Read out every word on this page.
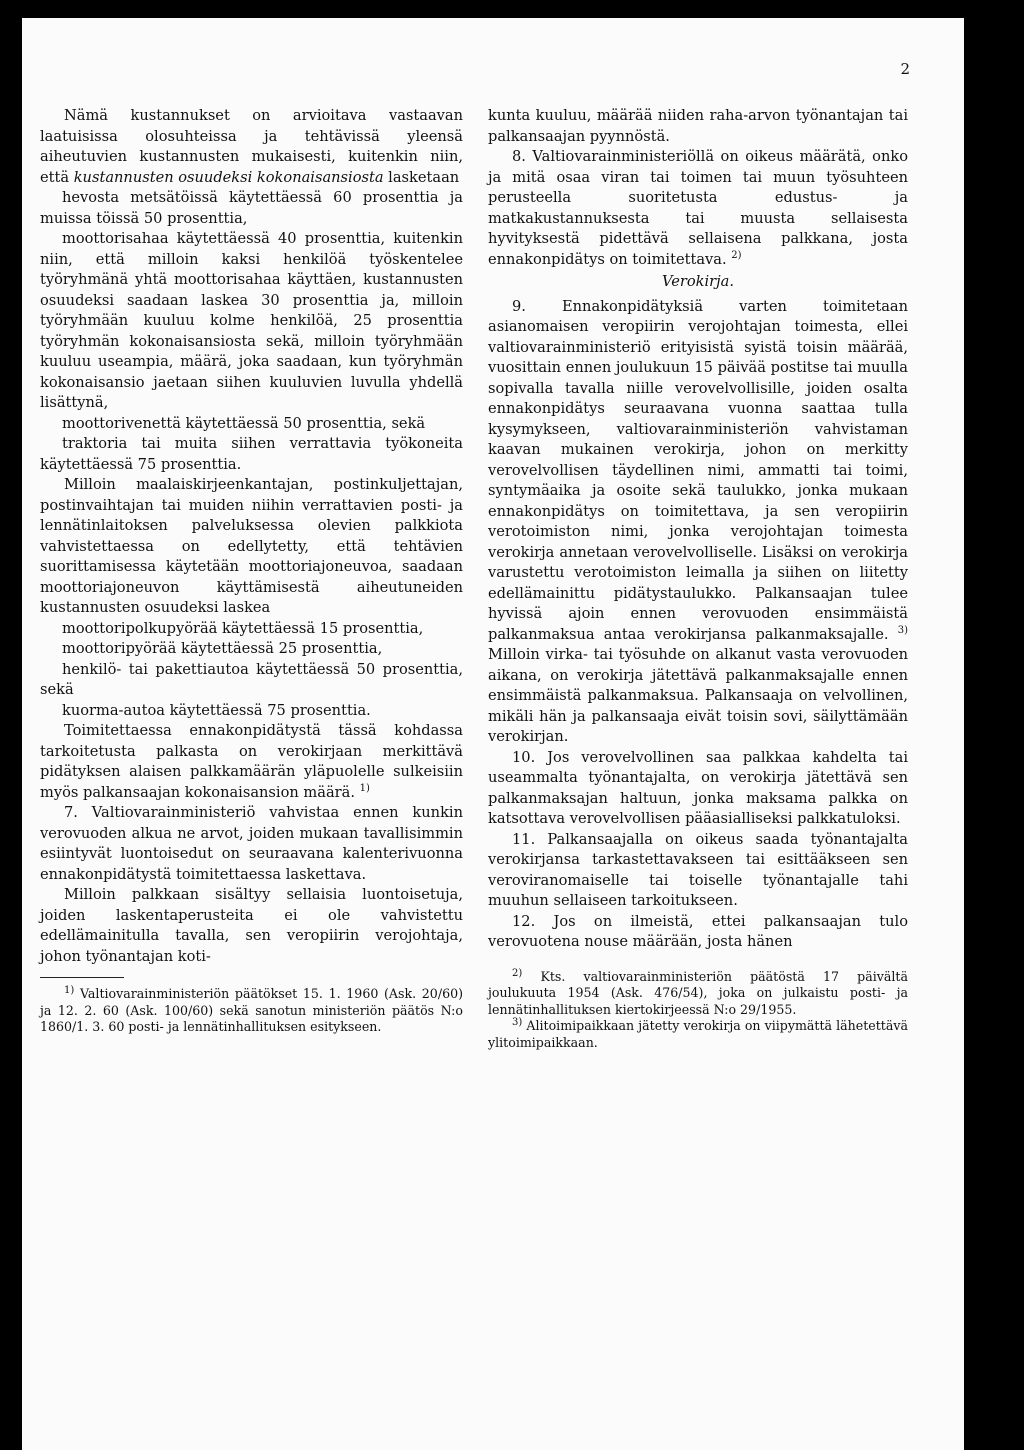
2

Nämä kustannukset on arvioitava vastaavan laatuisissa olosuhteissa ja tehtävissä yleensä aiheutuvien kustannusten mukaisesti, kuitenkin niin, että kustannusten osuudeksi kokonaisansiosta lasketaan

hevosta metsätöissä käytettäessä 60 prosenttia ja muissa töissä 50 prosenttia,

moottorisahaa käytettäessä 40 prosenttia, kuitenkin niin, että milloin kaksi henkilöä työskentelee työryhmänä yhtä moottorisahaa käyttäen, kustannusten osuudeksi saadaan laskea 30 prosenttia ja, milloin työryhmään kuuluu kolme henkilöä, 25 prosenttia työryhmän kokonaisansiosta sekä, milloin työryhmään kuuluu useampia, määrä, joka saadaan, kun työryhmän kokonaisansio jaetaan siihen kuuluvien luvulla yhdellä lisättynä,

moottorivenettä käytettäessä 50 prosenttia, sekä

traktoria tai muita siihen verrattavia työkoneita käytettäessä 75 prosenttia.

Milloin maalaiskirjeenkantajan, postinkuljettajan, postinvaihtajan tai muiden niihin verrattavien posti- ja lennätinlaitoksen palveluksessa olevien palkkiota vahvistettaessa on edellytetty, että tehtävien suorittamisessa käytetään moottoriajoneuvoa, saadaan moottoriajoneuvon käyttämisestä aiheutuneiden kustannusten osuudeksi laskea

moottoripolkupyörää käytettäessä 15 prosenttia,

moottoripyörää käytettäessä 25 prosenttia,

henkilö- tai pakettiautoa käytettäessä 50 prosenttia, sekä

kuorma-autoa käytettäessä 75 prosenttia.

Toimitettaessa ennakonpidätystä tässä kohdassa tarkoitetusta palkasta on verokirjaan merkittävä pidätyksen alaisen palkkamäärän yläpuolelle sulkeisiin myös palkansaajan kokonaisansion määrä. $^{1)}$

7. Valtiovarainministeriö vahvistaa ennen kunkin verovuoden alkua ne arvot, joiden mukaan tavallisimmin esiintyvät luontoisedut on seuraavana kalenterivuonna ennakonpidätystä toimitettaessa laskettava.

Milloin palkkaan sisältyy sellaisia luontoisetuja, joiden laskentaperusteita ei ole vahvistettu edellämainitulla tavalla, sen veropiirin verojohtaja, johon työnantajan koti-

$^{1)}$ Valtiovarainministeriön päätökset 15. 1. 1960 (Ask. 20/60) ja 12. 2. 60 (Ask. 100/60) sekä sanotun ministeriön päätös N:o 1860/1. 3. 60 posti- ja lennätinhallituksen esitykseen.

kunta kuuluu, määrää niiden raha-arvon työnantajan tai palkansaajan pyynnöstä.

8. Valtiovarainministeriöllä on oikeus määrätä, onko ja mitä osaa viran tai toimen tai muun työsuhteen perusteella suoritetusta edustus- ja matkakustannuksesta tai muusta sellaisesta hyvityksestä pidettävä sellaisena palkkana, josta ennakonpidätys on toimitettava. $^{2)}$

Verokirja.

9. Ennakonpidätyksiä varten toimitetaan asianomaisen veropiirin verojohtajan toimesta, ellei valtiovarainministeriö erityisistä syistä toisin määrää, vuosittain ennen joulukuun 15 päivää postitse tai muulla sopivalla tavalla niille verovelvollisille, joiden osalta ennakonpidätys seuraavana vuonna saattaa tulla kysymykseen, valtiovarainministeriön vahvistaman kaavan mukainen verokirja, johon on merkitty verovelvollisen täydellinen nimi, ammatti tai toimi, syntymäaika ja osoite sekä taulukko, jonka mukaan ennakonpidätys on toimitettava, ja sen veropiirin verotoimiston nimi, jonka verojohtajan toimesta verokirja annetaan verovelvolliselle. Lisäksi on verokirja varustettu verotoimiston leimalla ja siihen on liitetty edellämainittu pidätystaulukko. Palkansaajan tulee hyvissä ajoin ennen verovuoden ensimmäistä palkanmaksua antaa verokirjansa palkanmaksajalle. $^{3)}$ Milloin virka- tai työsuhde on alkanut vasta verovuoden aikana, on verokirja jätettävä palkanmaksajalle ennen ensimmäistä palkanmaksua. Palkansaaja on velvollinen, mikäli hän ja palkansaaja eivät toisin sovi, säilyttämään verokirjan.

10. Jos verovelvollinen saa palkkaa kahdelta tai useammalta työnantajalta, on verokirja jätettävä sen palkanmaksajan haltuun, jonka maksama palkka on katsottava verovelvollisen pääasialliseksi palkkatuloksi.

11. Palkansaajalla on oikeus saada työnantajalta verokirjansa tarkastettavakseen tai esittääkseen sen veroviranomaiselle tai toiselle työnantajalle tahi muuhun sellaiseen tarkoitukseen.

12. Jos on ilmeistä, ettei palkansaajan tulo verovuotena nouse määrään, josta hänen

$^{2)}$ Kts. valtiovarainministeriön päätöstä 17 päivältä joulukuuta 1954 (Ask. 476/54), joka on julkaistu posti- ja lennätinhallituksen kiertokirjeessä N:o 29/1955.

$^{3)}$ Alitoimipaikkaan jätetty verokirja on viipymättä lähetettävä ylitoimipaikkaan.
